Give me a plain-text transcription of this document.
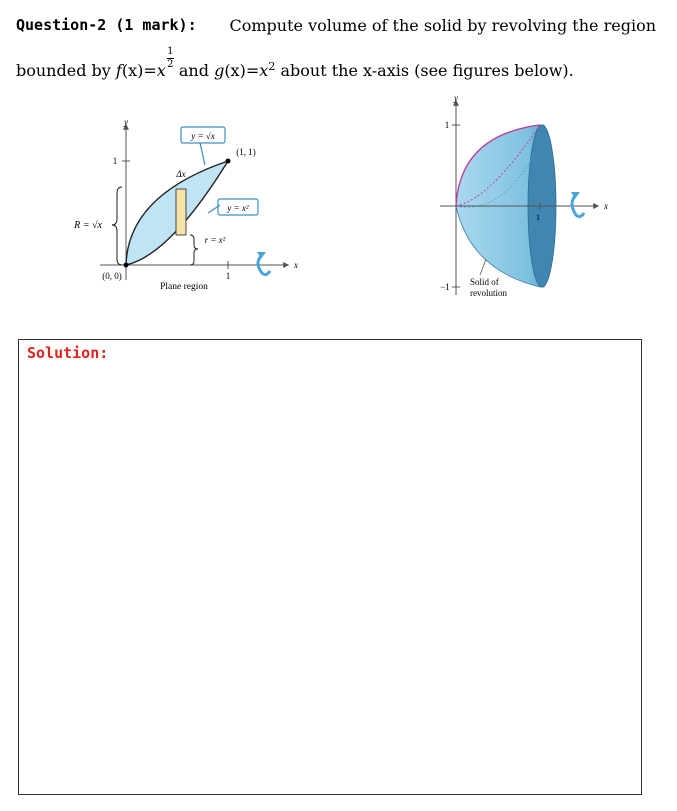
Question-2 (1 mark): Compute volume of the solid by revolving the region
bounded by f(x)=x
$\frac{1}{2}$
and $g(x)=x^2$ about the x-axis (see figures below).
y
x
1
1
(0, 0)
(1, 1)
Δx
y = √x
y = x²
R = √x
r = x²
Plane region
y
1
−1
x
1
Solid of
revolution
Solution:
